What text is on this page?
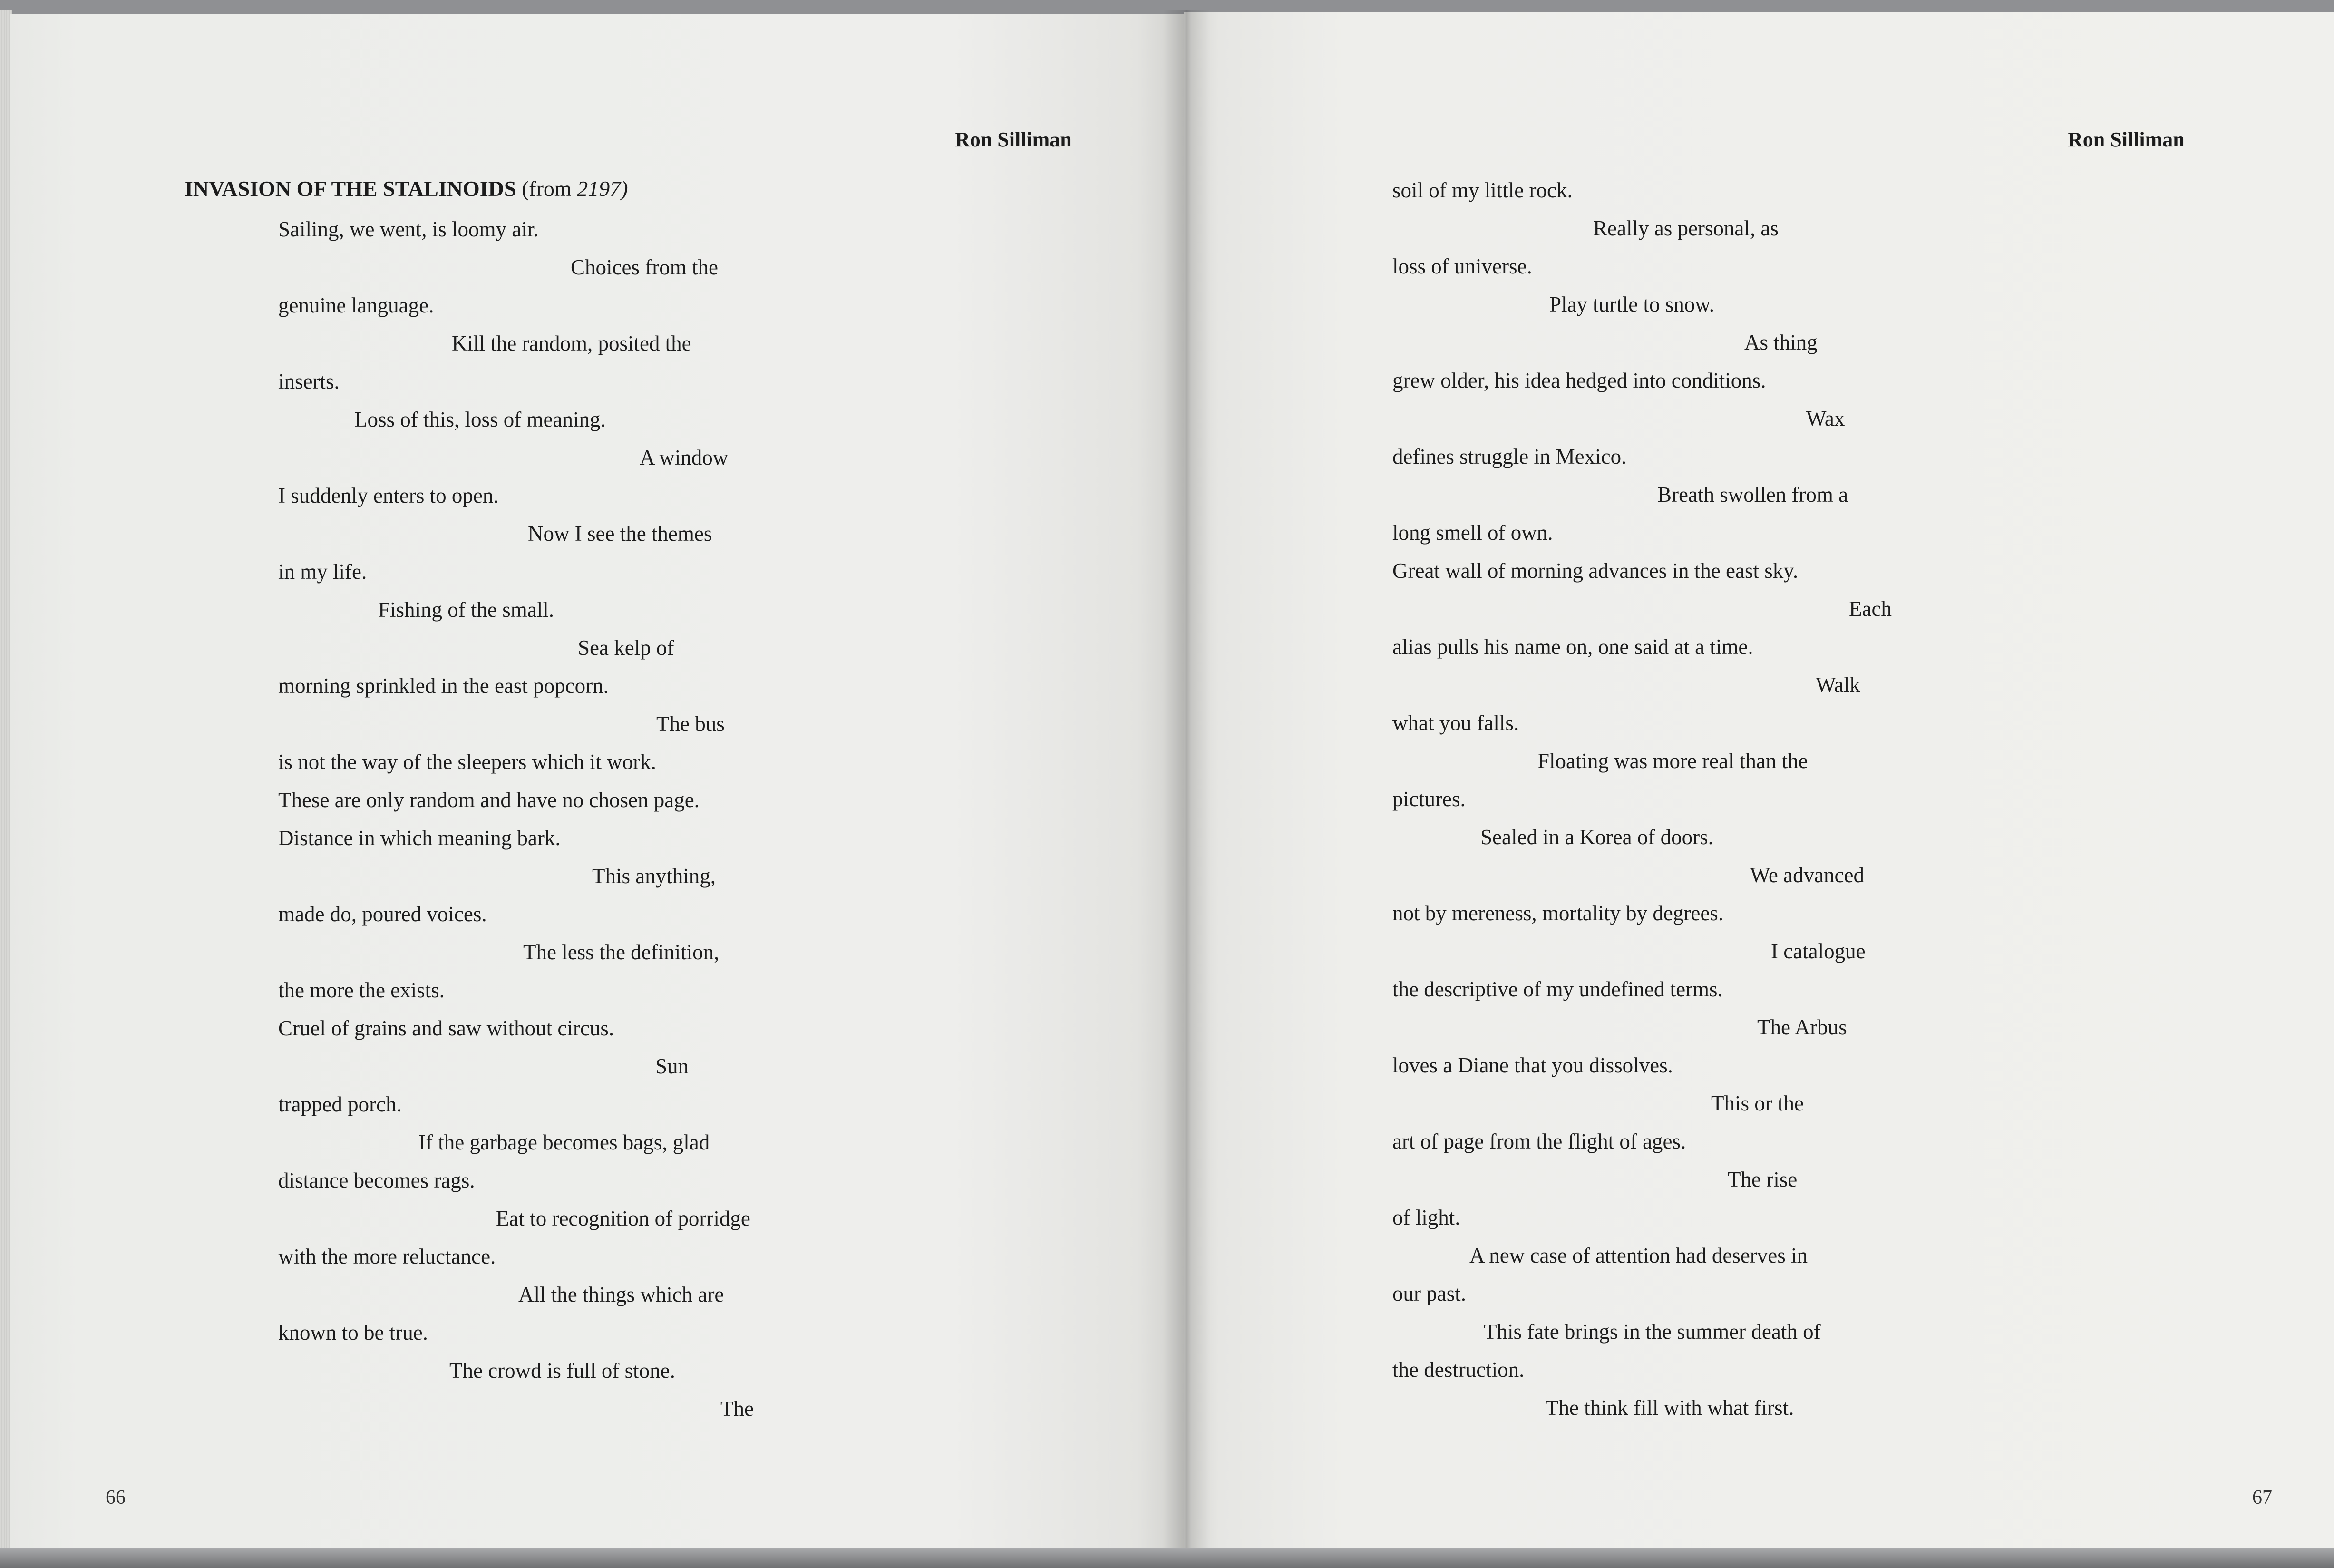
Ron Silliman
INVASION OF THE STALINOIDS (from 2197)
Sailing, we went, is loomy air.
Choices from the
genuine language.
Kill the random, posited the
inserts.
Loss of this, loss of meaning.
A window
I suddenly enters to open.
Now I see the themes
in my life.
Fishing of the small.
Sea kelp of
morning sprinkled in the east popcorn.
The bus
is not the way of the sleepers which it work.
These are only random and have no chosen page.
Distance in which meaning bark.
This anything,
made do, poured voices.
The less the definition,
the more the exists.
Cruel of grains and saw without circus.
Sun
trapped porch.
If the garbage becomes bags, glad
distance becomes rags.
Eat to recognition of porridge
with the more reluctance.
All the things which are
known to be true.
The crowd is full of stone.
The
66
Ron Silliman
soil of my little rock.
Really as personal, as
loss of universe.
Play turtle to snow.
As thing
grew older, his idea hedged into conditions.
Wax
defines struggle in Mexico.
Breath swollen from a
long smell of own.
Great wall of morning advances in the east sky.
Each
alias pulls his name on, one said at a time.
Walk
what you falls.
Floating was more real than the
pictures.
Sealed in a Korea of doors.
We advanced
not by mereness, mortality by degrees.
I catalogue
the descriptive of my undefined terms.
The Arbus
loves a Diane that you dissolves.
This or the
art of page from the flight of ages.
The rise
of light.
A new case of attention had deserves in
our past.
This fate brings in the summer death of
the destruction.
The think fill with what first.
67
